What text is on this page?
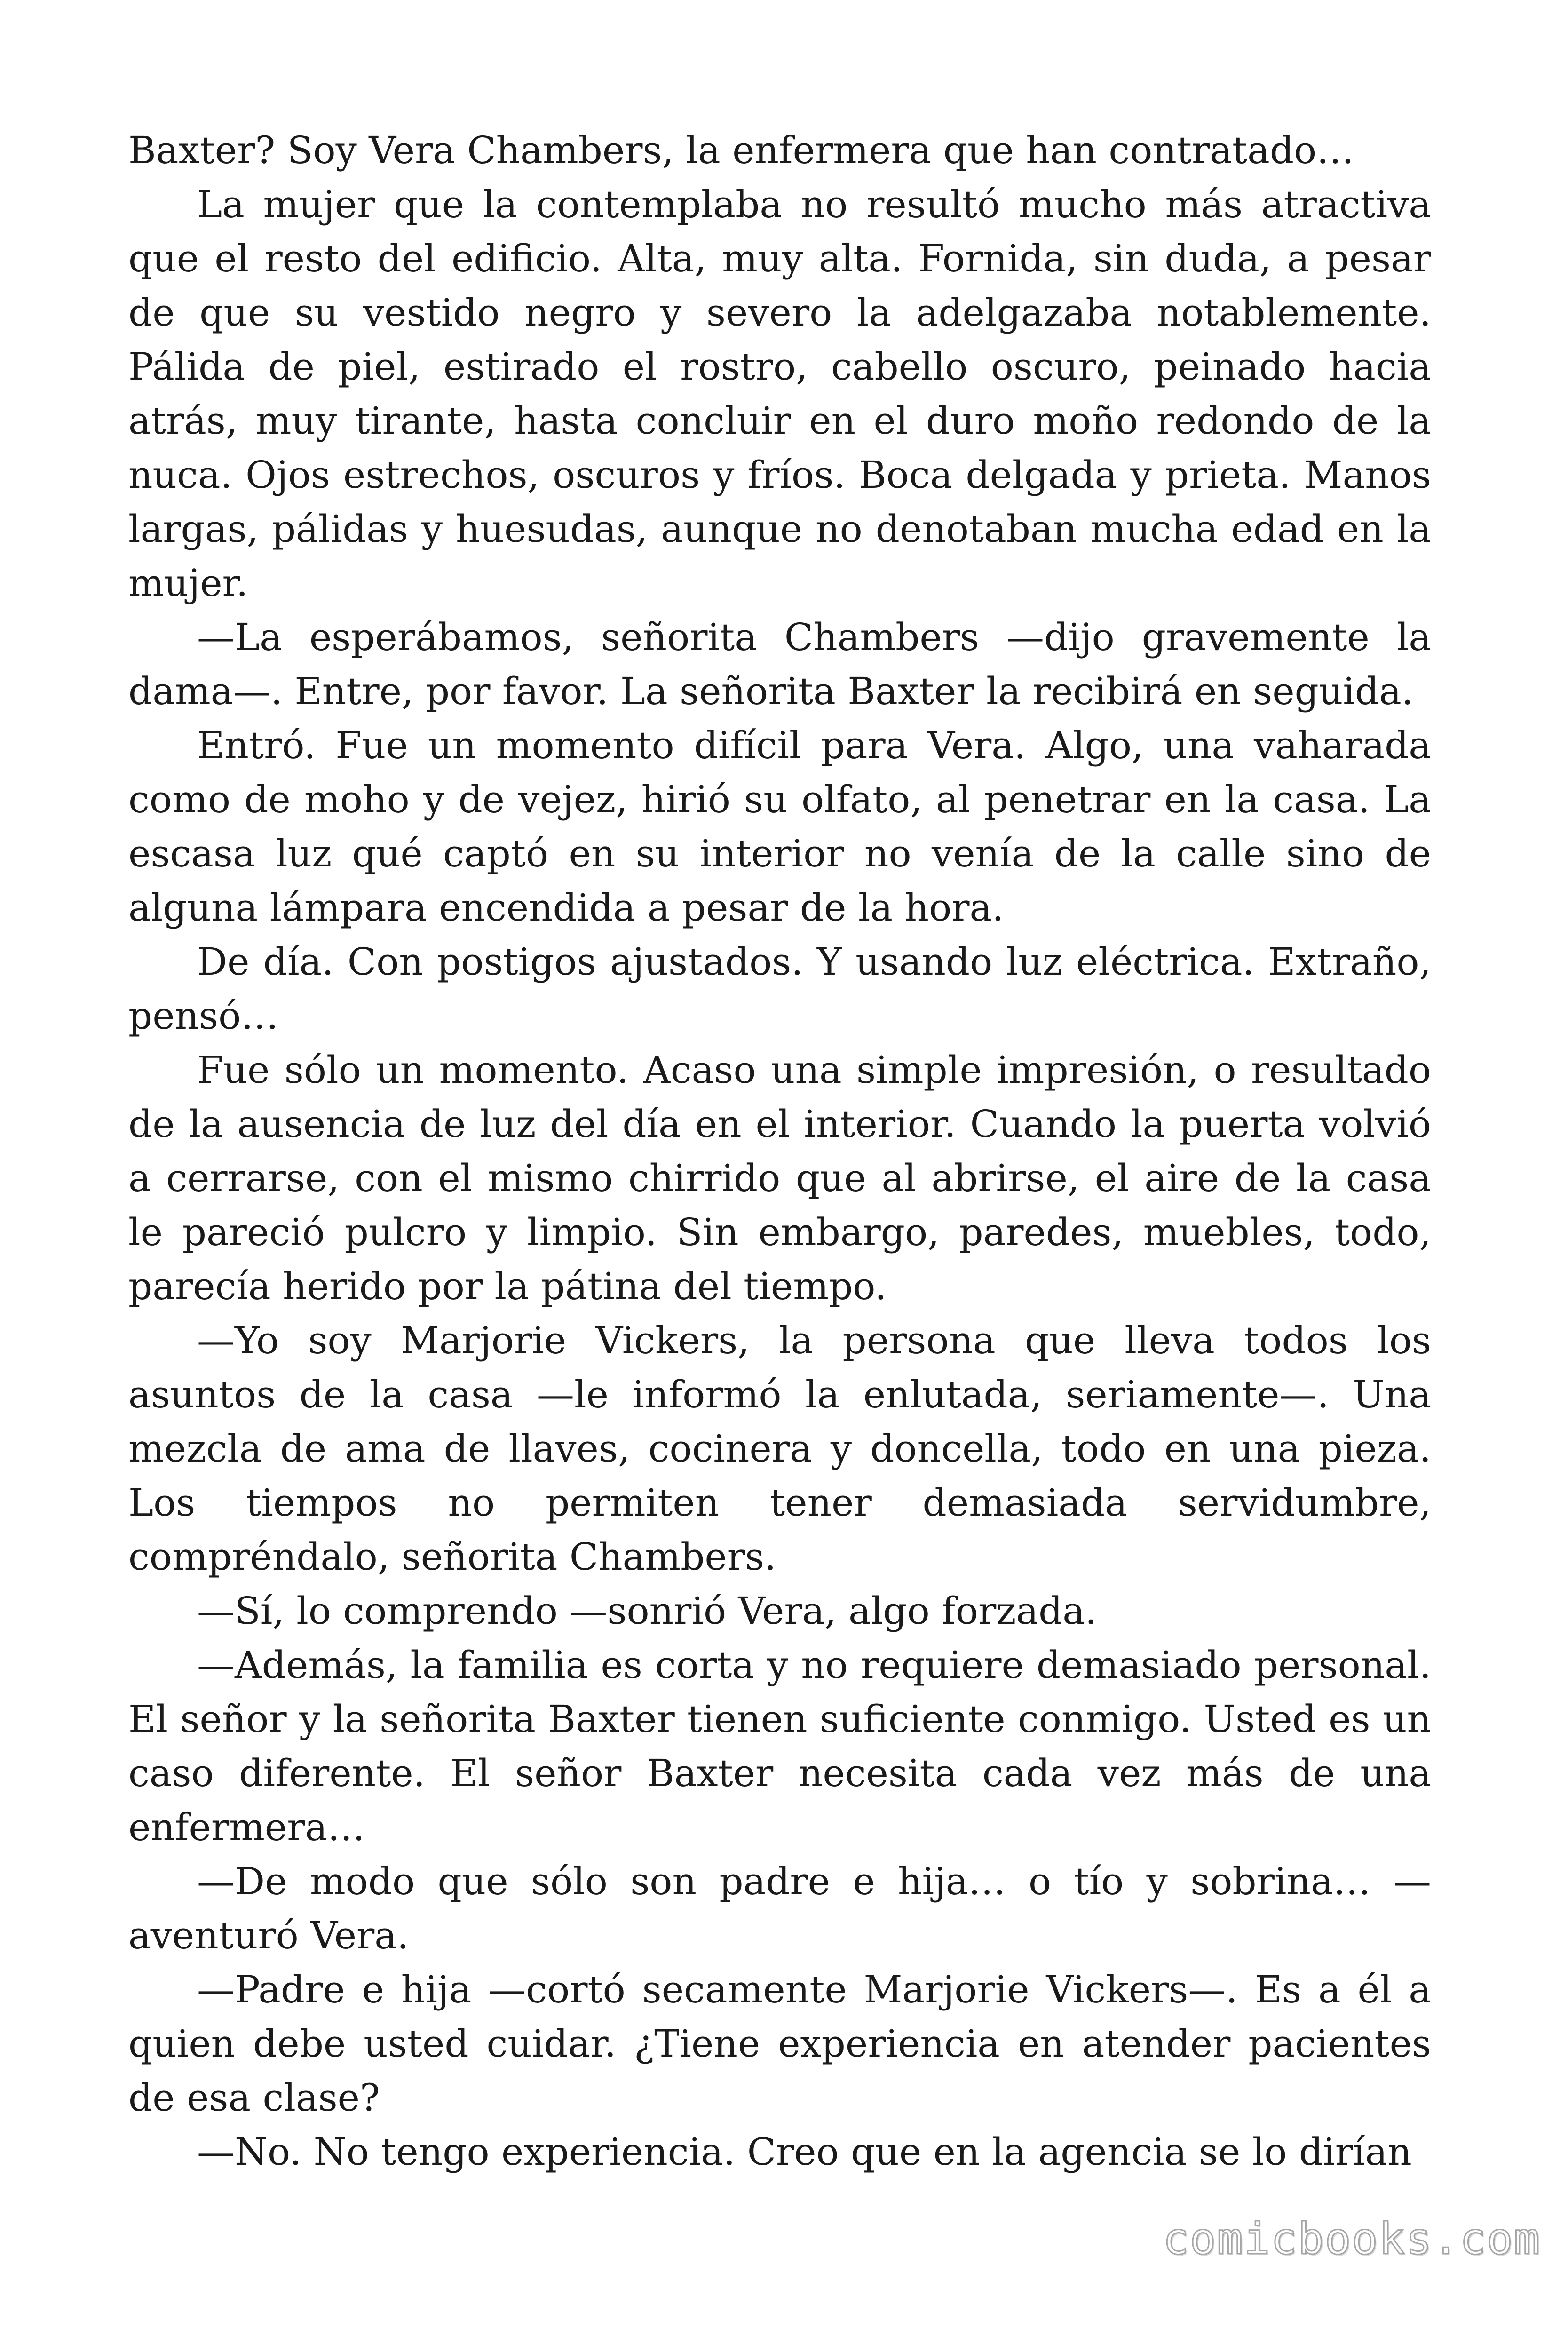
Baxter? Soy Vera Chambers, la enfermera que han contratado…

La mujer que la contemplaba no resultó mucho más atractiva que el resto del edificio. Alta, muy alta. Fornida, sin duda, a pesar de que su vestido negro y severo la adelgazaba notablemente. Pálida de piel, estirado el rostro, cabello oscuro, peinado hacia atrás, muy tirante, hasta concluir en el duro moño redondo de la nuca. Ojos estrechos, oscuros y fríos. Boca delgada y prieta. Manos largas, pálidas y huesudas, aunque no denotaban mucha edad en la mujer.

—La esperábamos, señorita Chambers —dijo gravemente la dama—. Entre, por favor. La señorita Baxter la recibirá en seguida.

Entró. Fue un momento difícil para Vera. Algo, una vaharada como de moho y de vejez, hirió su olfato, al penetrar en la casa. La escasa luz qué captó en su interior no venía de la calle sino de alguna lámpara encendida a pesar de la hora.

De día. Con postigos ajustados. Y usando luz eléctrica. Extraño, pensó…

Fue sólo un momento. Acaso una simple impresión, o resultado de la ausencia de luz del día en el interior. Cuando la puerta volvió a cerrarse, con el mismo chirrido que al abrirse, el aire de la casa le pareció pulcro y limpio. Sin embargo, paredes, muebles, todo, parecía herido por la pátina del tiempo.

—Yo soy Marjorie Vickers, la persona que lleva todos los asuntos de la casa —le informó la enlutada, seriamente—. Una mezcla de ama de llaves, cocinera y doncella, todo en una pieza. Los tiempos no permiten tener demasiada servidumbre, compréndalo, señorita Chambers.

—Sí, lo comprendo —sonrió Vera, algo forzada.

—Además, la familia es corta y no requiere demasiado personal. El señor y la señorita Baxter tienen suficiente conmigo. Usted es un caso diferente. El señor Baxter necesita cada vez más de una enfermera…

—De modo que sólo son padre e hija… o tío y sobrina… —aventuró Vera.

—Padre e hija —cortó secamente Marjorie Vickers—. Es a él a quien debe usted cuidar. ¿Tiene experiencia en atender pacientes de esa clase?

—No. No tengo experiencia. Creo que en la agencia se lo dirían

comicbooks.com
